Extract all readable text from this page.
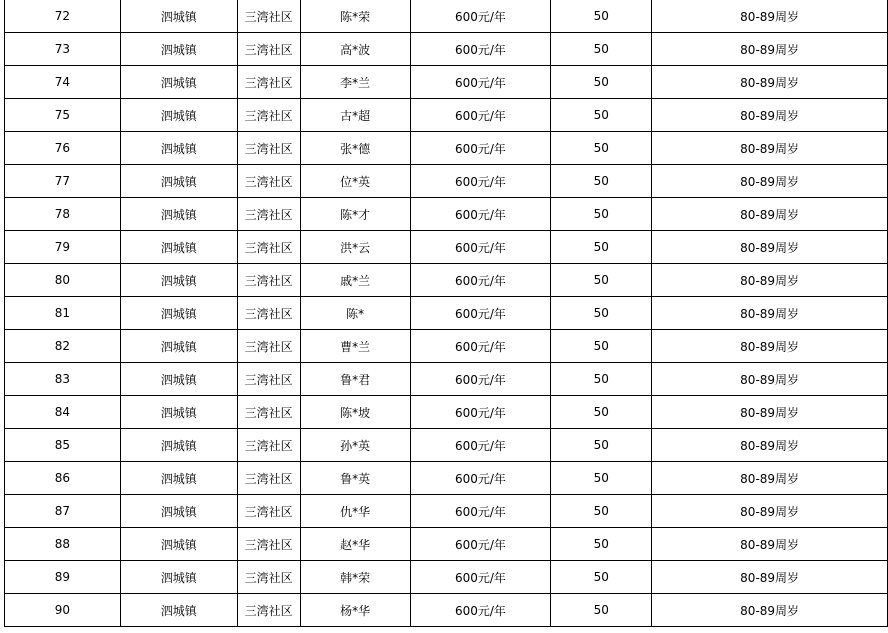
72	泗城镇	三湾社区	陈*荣	600元/年	50	80-89周岁
73	泗城镇	三湾社区	高*波	600元/年	50	80-89周岁
74	泗城镇	三湾社区	李*兰	600元/年	50	80-89周岁
75	泗城镇	三湾社区	古*超	600元/年	50	80-89周岁
76	泗城镇	三湾社区	张*德	600元/年	50	80-89周岁
77	泗城镇	三湾社区	位*英	600元/年	50	80-89周岁
78	泗城镇	三湾社区	陈*才	600元/年	50	80-89周岁
79	泗城镇	三湾社区	洪*云	600元/年	50	80-89周岁
80	泗城镇	三湾社区	戚*兰	600元/年	50	80-89周岁
81	泗城镇	三湾社区	陈*	600元/年	50	80-89周岁
82	泗城镇	三湾社区	曹*兰	600元/年	50	80-89周岁
83	泗城镇	三湾社区	鲁*君	600元/年	50	80-89周岁
84	泗城镇	三湾社区	陈*坡	600元/年	50	80-89周岁
85	泗城镇	三湾社区	孙*英	600元/年	50	80-89周岁
86	泗城镇	三湾社区	鲁*英	600元/年	50	80-89周岁
87	泗城镇	三湾社区	仇*华	600元/年	50	80-89周岁
88	泗城镇	三湾社区	赵*华	600元/年	50	80-89周岁
89	泗城镇	三湾社区	韩*荣	600元/年	50	80-89周岁
90	泗城镇	三湾社区	杨*华	600元/年	50	80-89周岁
